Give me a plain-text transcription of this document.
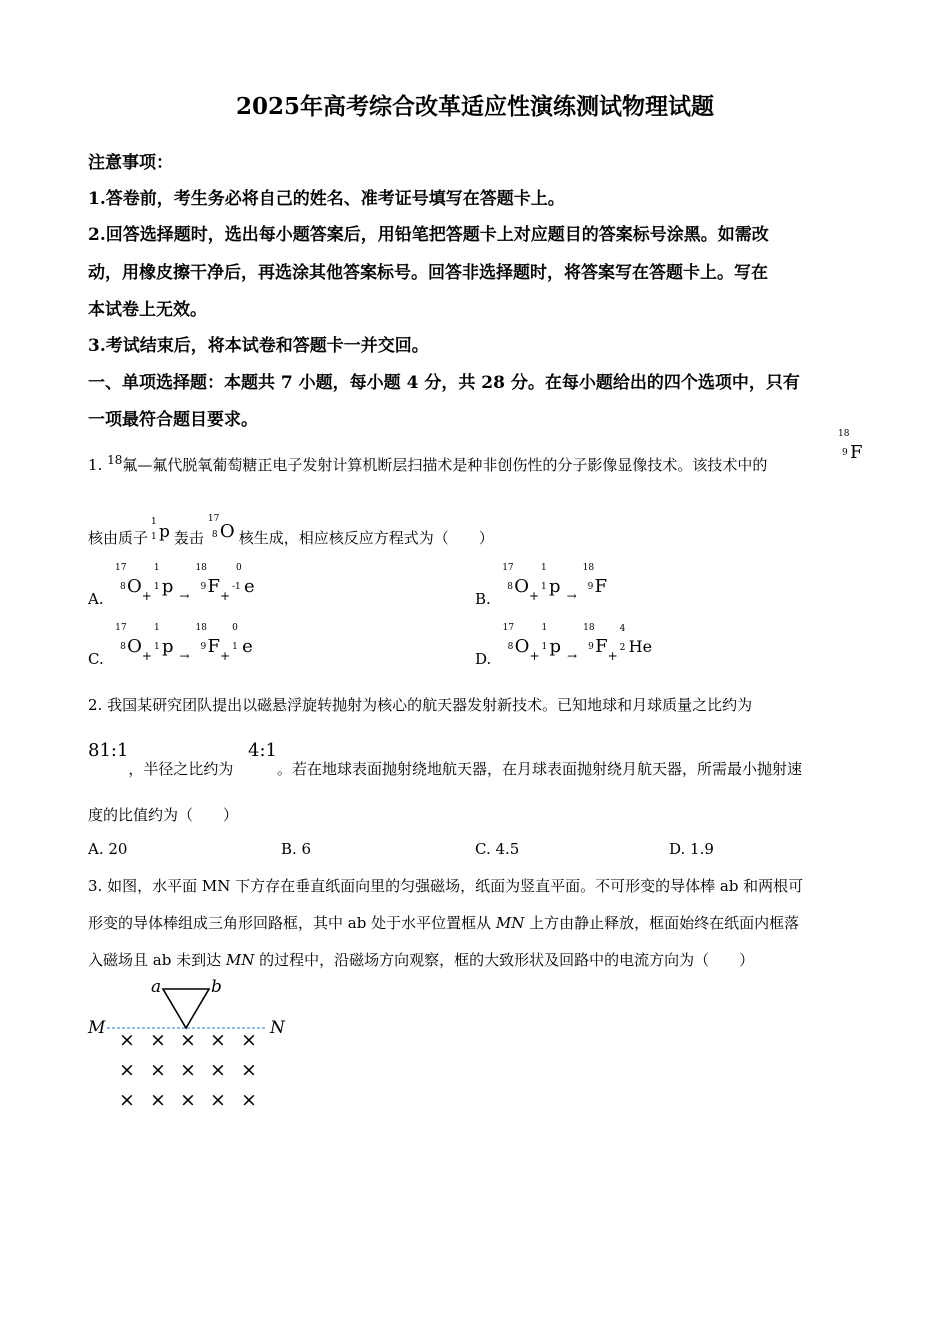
2025年高考综合改革适应性演练测试物理试题
注意事项：
1.答卷前，考生务必将自己的姓名、准考证号填写在答题卡上。
2.回答选择题时，选出每小题答案后，用铅笔把答题卡上对应题目的答案标号涂黑。如需改
动，用橡皮擦干净后，再选涂其他答案标号。回答非选择题时，将答案写在答题卡上。写在
本试卷上无效。
3.考试结束后，将本试卷和答题卡一并交回。
一、单项选择题：本题共 7 小题，每小题 4 分，共 28 分。在每小题给出的四个选项中，只有
一项最符合题目要求。
1. $^{18}$氟—氟代脱氧葡萄糖正电子发射计算机断层扫描术是种非创伤性的分子影像显像技术。该技术中的
18
9 F
核由质子
1
1 p 轰击
17
8 O 核生成，相应核反应方程式为（　　）
A.
17
8 $O_+$
1
1 p $_\to$
18
9 $F_+$
0
-1 e
B.
17
8 $O_+$
1
1 p $_\to$
18
9 F
C.
17
8 $O_+$
1
1 p $_\to$
18
9 $F_+$
0
1 e
D.
17
8 $O_+$
1
1 p $_\to$
18
9 $F_+$
4
2 He
2. 我国某研究团队提出以磁悬浮旋转抛射为核心的航天器发射新技术。已知地球和月球质量之比约为
81:1，半径之比约为
4:1
。若在地球表面抛射绕地航天器，在月球表面抛射绕月航天器，所需最小抛射速
度的比值约为（　　）
A. 20	B. 6	C. 4.5	D. 1.9
3. 如图，水平面 MN 下方存在垂直纸面向里的匀强磁场，纸面为竖直平面。不可形变的导体棒 ab 和两根可
形变的导体棒组成三角形回路框，其中 ab 处于水平位置框从 MN 上方由静止释放，框面始终在纸面内框落
入磁场且 ab 未到达 MN 的过程中，沿磁场方向观察，框的大致形状及回路中的电流方向为（　　）
a	b
M	N
× × × × ×
× × × × ×
× × × × ×
